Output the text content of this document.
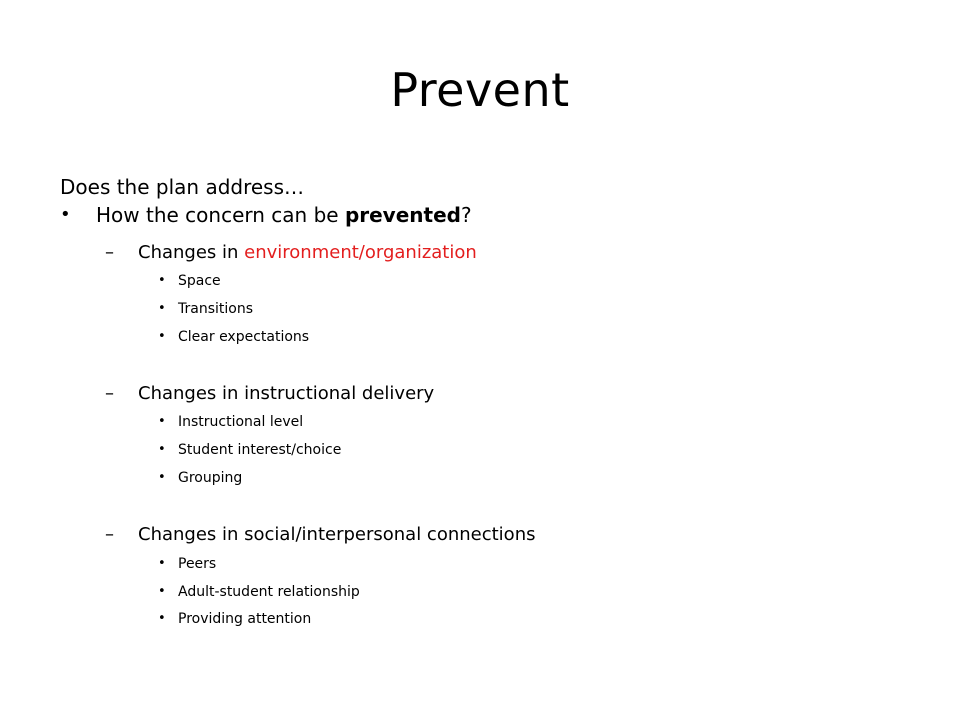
Prevent
Does the plan address…
• How the concern can be prevented?
– Changes in environment/organization
• Space
• Transitions
• Clear expectations
– Changes in instructional delivery
• Instructional level
• Student interest/choice
• Grouping
– Changes in social/interpersonal connections
• Peers
• Adult-student relationship
• Providing attention
